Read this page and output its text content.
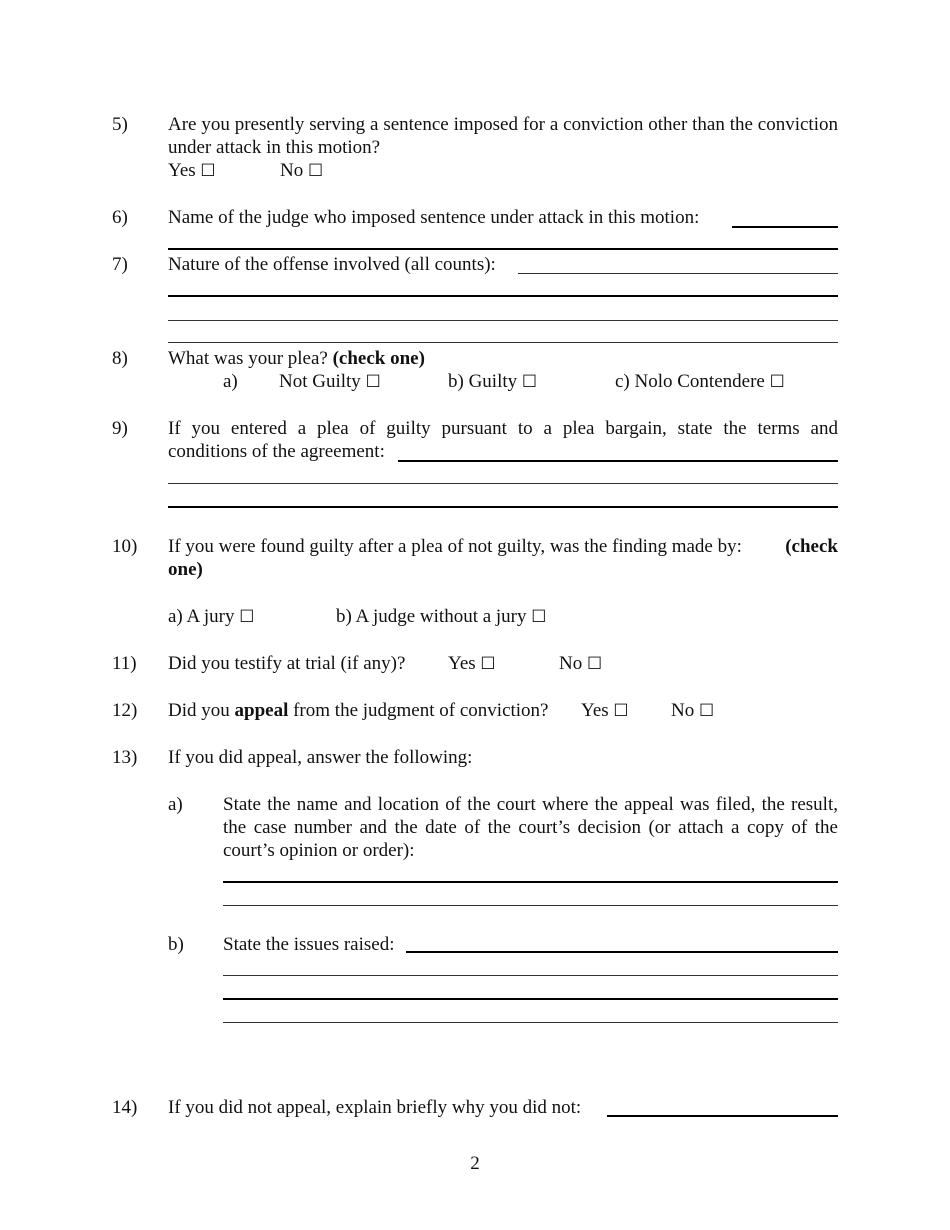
5) Are you presently serving a sentence imposed for a conviction other than the conviction under attack in this motion?
Yes ☐	No ☐
6) Name of the judge who imposed sentence under attack in this motion:
7) Nature of the offense involved (all counts):
8) What was your plea? (check one)
a) Not Guilty ☐	b) Guilty ☐	c) Nolo Contendere ☐
9) If you entered a plea of guilty pursuant to a plea bargain, state the terms and
conditions of the agreement:
10) If you were found guilty after a plea of not guilty, was the finding made by: (check
one)
a) A jury ☐	b) A judge without a jury ☐
11) Did you testify at trial (if any)? Yes ☐	No ☐
12) Did you appeal from the judgment of conviction? Yes ☐ No ☐
13) If you did appeal, answer the following:
a) State the name and location of the court where the appeal was filed, the result, the case number and the date of the court’s decision (or attach a copy of the court’s opinion or order):
b) State the issues raised:
14) If you did not appeal, explain briefly why you did not:
2
